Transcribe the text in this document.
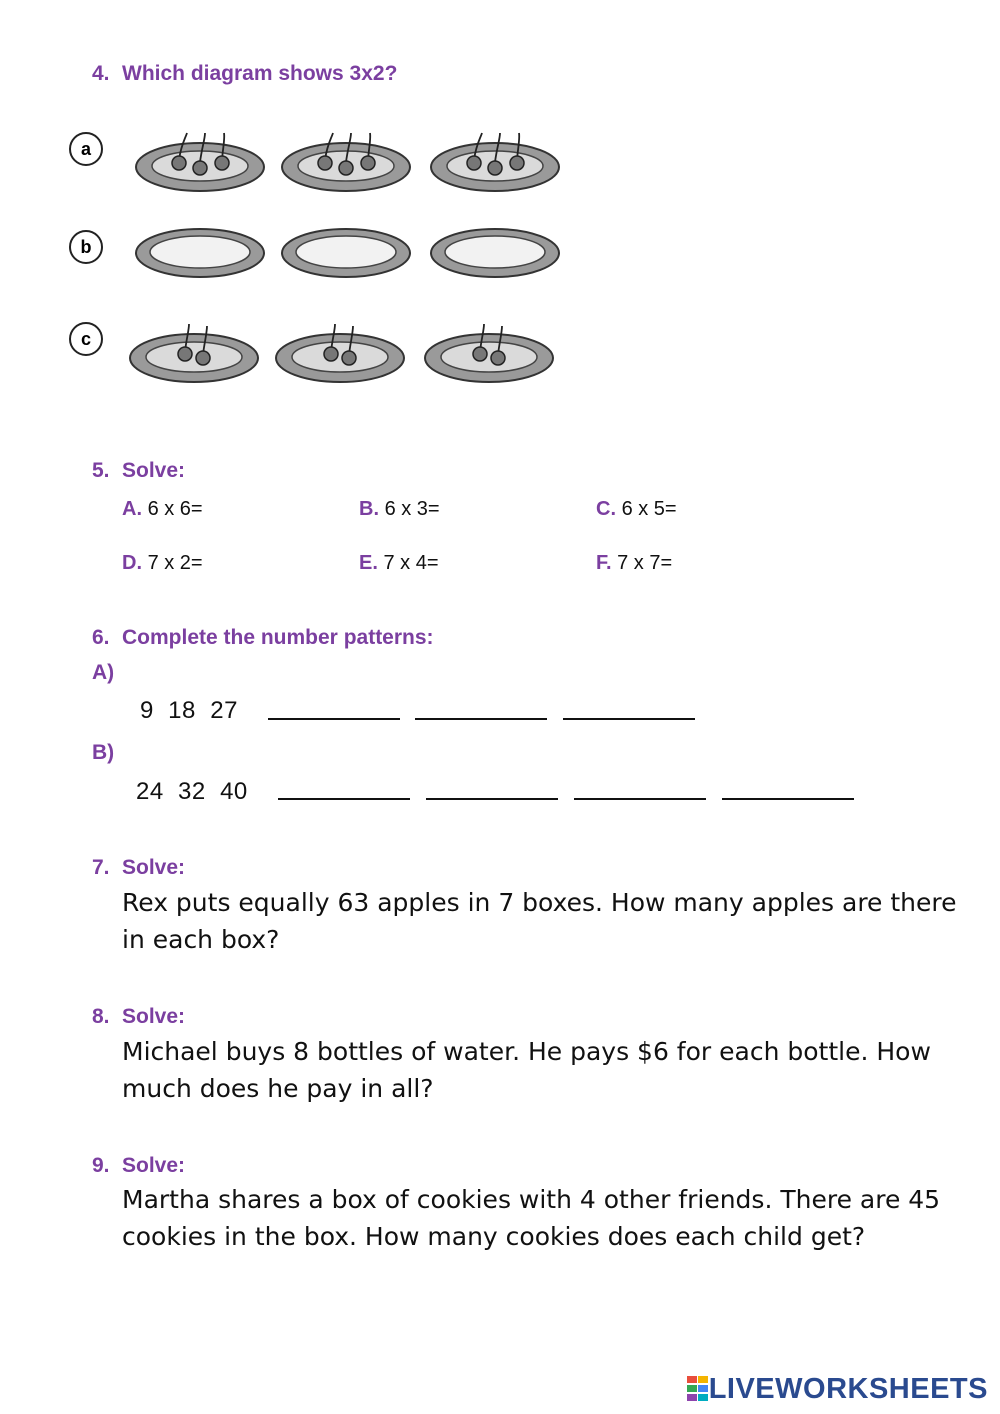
4. Which diagram shows 3x2?
a
b
c
5. Solve:
A. 6 x 6=	B. 6 x 3=	C. 6 x 5=
D. 7 x 2=	E. 7 x 4=	F. 7 x 7=
6. Complete the number patterns:
A)
9  18  27
B)
24  32  40
7. Solve:
Rex puts equally 63 apples in 7 boxes. How many apples are there in each box?
8. Solve:
Michael buys 8 bottles of water. He pays $6 for each bottle. How much does he pay in all?
9. Solve:
Martha shares a box of cookies with 4 other friends. There are 45 cookies in the box. How many cookies does each child get?
LIVEWORKSHEETS
